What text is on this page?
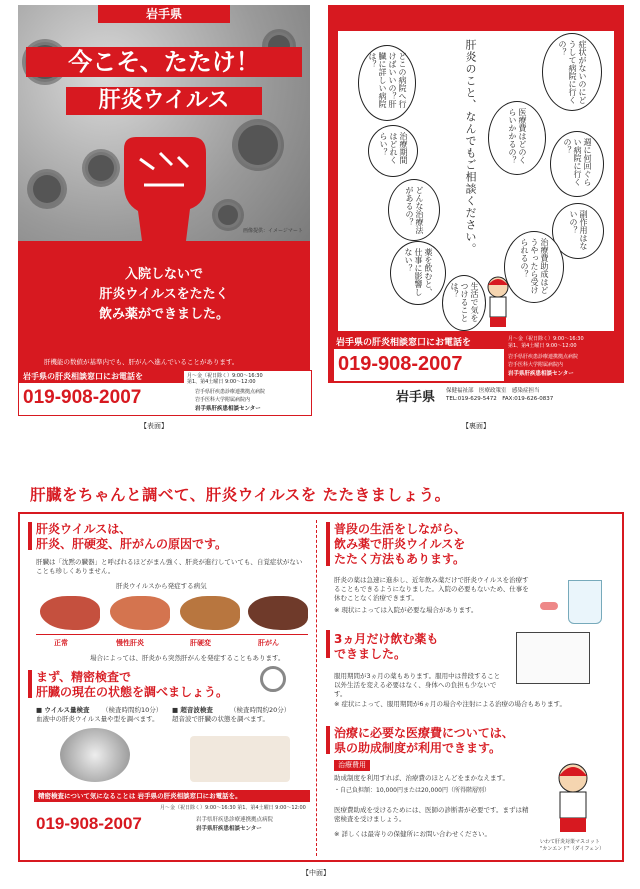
岩手県
今こそ、たたけ！
肝炎ウイルス
画像提供：イメージマート
入院しないで
肝炎ウイルスをたたく
飲み薬ができました。
肝機能の数値が基準内でも、肝がんへ進んでいることがあります。
岩手県の肝炎相談窓口にお電話を	月～金（祝日除く）9:00～16:30
第1、第4土曜日 9:00～12:00
019-908-2007	岩手県肝疾患診療連携拠点病院
岩手医科大学附属病院内
岩手県肝疾患相談センター
【表面】
肝炎のこと、なんでもご相談ください。
どこの病院へ行けばいいの？肝臓に詳しい病院は？
治療期間はどれくらい？
どんな治療法があるの？
薬を飲むと、仕事に影響しない？
症状がないのにどうして病院に行くの？
医療費はどのくらいかかるの？	週に何回ぐらい病院に行くの？
副作用はないの？
治療費助成はどうやったら受けられるの？
生活で気をつけることは？
岩手県の肝炎相談窓口にお電話を	月～金（祝日除く）9:00～16:30
第1、第4土曜日 9:00～12:00
019-908-2007	岩手県肝疾患診療連携拠点病院
岩手医科大学附属病院内
岩手県肝疾患相談センター
岩手県 保健福祉部　医療政策室　感染症担当
TEL:019-629-5472　FAX:019-626-0837
【裏面】
肝臓をちゃんと調べて、肝炎ウイルスを たたきましょう。
肝炎ウイルスは、
肝炎、肝硬変、肝がんの原因です。
肝臓は「沈黙の臓器」と呼ばれるほどがまん強く、肝炎が進行していても、自覚症状がないことも珍しくありません。
肝炎ウイルスから発症する病気
正常	慢性肝炎	肝硬変	肝がん
場合によっては、肝炎から突然肝がんを発症することもあります。
まず、精密検査で
肝臓の現在の状態を調べましょう。
■ ウイルス量検査 （検査時間約10分）
血液中の肝炎ウイルス量や型を調べます。
■ 超音波検査	（検査時間約20分）
超音波で肝臓の状態を調べます。
精密検査について気になることは 岩手県の肝炎相談窓口にお電話を。
月～金（祝日除く）9:00～16:30 第1、第4土曜日 9:00～12:00
019-908-2007	岩手県肝疾患診療連携拠点病院
岩手県肝疾患相談センター
普段の生活をしながら、
飲み薬で肝炎ウイルスを
たたく方法もあります。
肝炎の薬は急速に進歩し、近年飲み薬だけで肝炎ウイルスを治療することもできるようになりました。入院の必要もないため、仕事を休むことなく治療できます。
※ 現状によっては入院が必要な場合があります。
3ヵ月だけ飲む薬も
できました。
服用期間が3ヵ月の薬もあります。服用中は普段すること以外生活を変える必要はなく、身体への負担も少ないです。
※ 症状によって、服用期間が6ヵ月の場合や注射による治療の場合もあります。
治療に必要な医療費については、
県の助成制度が利用できます。
治療費用
助成制度を利用すれば、治療費のほとんどをまかなえます。
・自己負担額：10,000円または20,000円（所得階層別）
医療費助成を受けるためには、医師の診断書が必要です。まずは精密検査を受けましょう。
※ 詳しくは最寄りの保健所にお問い合わせください。
いわて肝炎対策マスコット
"カンエンド"（ダイフェン）
【中面】
